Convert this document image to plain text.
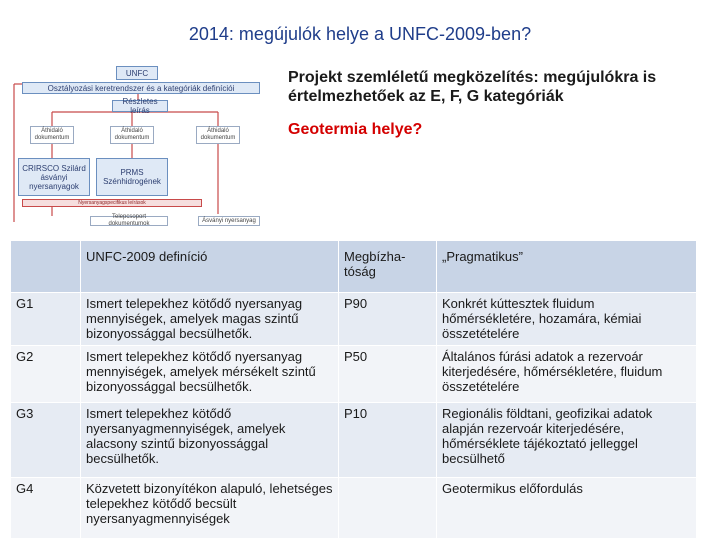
2014: megújulók helye a UNFC-2009-ben?
UNFC
Osztályozási keretrendszer és a kategóriák definíciói
Részletes leírás
Áthidaló dokumentum
Áthidaló dokumentum
Áthidaló dokumentum
CRIRSCO Szilárd ásványi nyersanyagok
PRMS Szénhidrogének
Nyersanyagspecifikus leírások
Telepcsoport dokumentumok
Ásványi nyersanyag
Projekt szemléletű megközelítés: megújulókra is értelmezhetőek az E, F, G kategóriák
Geotermia helye?
	UNFC-2009 definíció	Megbízha-tóság	„Pragmatikus”
G1	Ismert telepekhez kötődő nyersanyag mennyiségek, amelyek magas szintű bizonyossággal becsülhetők.	P90	Konkrét kúttesztek fluidum hőmérsékletére, hozamára, kémiai összetételére
G2	Ismert telepekhez kötődő nyersanyag mennyiségek, amelyek mérsékelt szintű bizonyossággal becsülhetők.	P50	Általános fúrási adatok a rezervoár kiterjedésére, hőmérsékletére, fluidum összetételére
G3	Ismert telepekhez kötődő nyersanyagmennyiségek, amelyek alacsony szintű bizonyossággal becsülhetők.	P10	Regionális földtani, geofizikai adatok alapján rezervoár kiterjedésére, hőmérséklete tájékoztató jelleggel becsülhető
G4	Közvetett bizonyítékon alapuló, lehetséges telepekhez kötődő becsült nyersanyagmennyiségek		Geotermikus előfordulás
